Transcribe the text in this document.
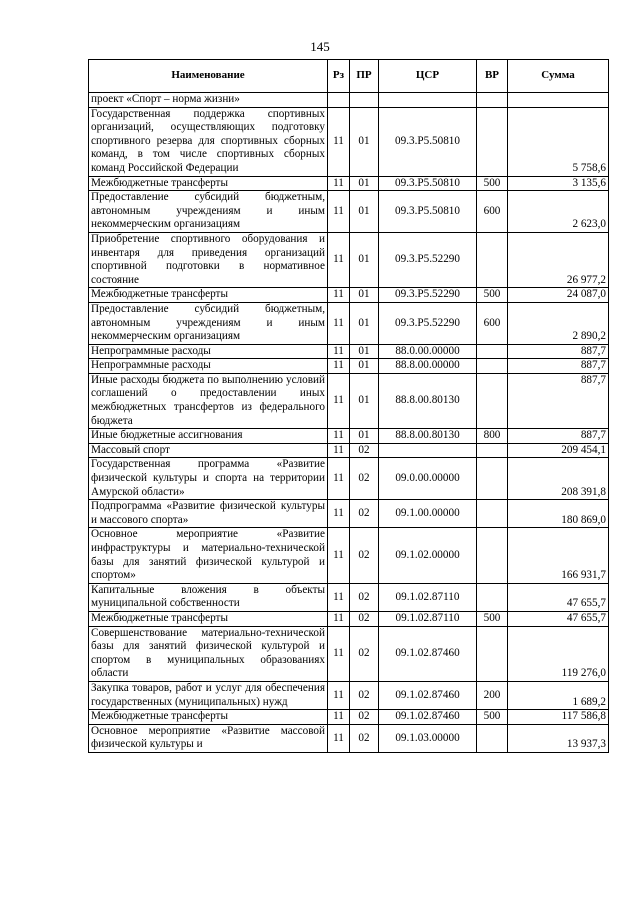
145
Наименование	Рз	ПР	ЦСР	ВР	Сумма
проект «Спорт – норма жизни»					
Государственная поддержка спортивных организаций, осуществляющих подготовку спортивного резерва для спортивных сборных команд, в том числе спортивных сборных команд Российской Федерации	11	01	09.3.P5.50810		5 758,6
Межбюджетные трансферты	11	01	09.3.P5.50810	500	3 135,6
Предоставление субсидий бюджетным, автономным учреждениям и иным некоммерческим организациям	11	01	09.3.P5.50810	600	2 623,0
Приобретение спортивного оборудования и инвентаря для приведения организаций спортивной подготовки в нормативное состояние	11	01	09.3.P5.52290		26 977,2
Межбюджетные трансферты	11	01	09.3.P5.52290	500	24 087,0
Предоставление субсидий бюджетным, автономным учреждениям и иным некоммерческим организациям	11	01	09.3.P5.52290	600	2 890,2
Непрограммные расходы	11	01	88.0.00.00000		887,7
Непрограммные расходы	11	01	88.8.00.00000		887,7
Иные расходы бюджета по выполнению условий соглашений о предоставлении иных межбюджетных трансфертов из федерального бюджета	11	01	88.8.00.80130		887,7
Иные бюджетные ассигнования	11	01	88.8.00.80130	800	887,7
Массовый спорт	11	02			209 454,1
Государственная программа «Развитие физической культуры и спорта на территории Амурской области»	11	02	09.0.00.00000		208 391,8
Подпрограмма «Развитие физической культуры и массового спорта»	11	02	09.1.00.00000		180 869,0
Основное мероприятие «Развитие инфраструктуры и материально-технической базы для занятий физической культурой и спортом»	11	02	09.1.02.00000		166 931,7
Капитальные вложения в объекты муниципальной собственности	11	02	09.1.02.87110		47 655,7
Межбюджетные трансферты	11	02	09.1.02.87110	500	47 655,7
Совершенствование материально-технической базы для занятий физической культурой и спортом в муниципальных образованиях области	11	02	09.1.02.87460		119 276,0
Закупка товаров, работ и услуг для обеспечения государственных (муниципальных) нужд	11	02	09.1.02.87460	200	1 689,2
Межбюджетные трансферты	11	02	09.1.02.87460	500	117 586,8
Основное мероприятие «Развитие массовой физической культуры и	11	02	09.1.03.00000		13 937,3
